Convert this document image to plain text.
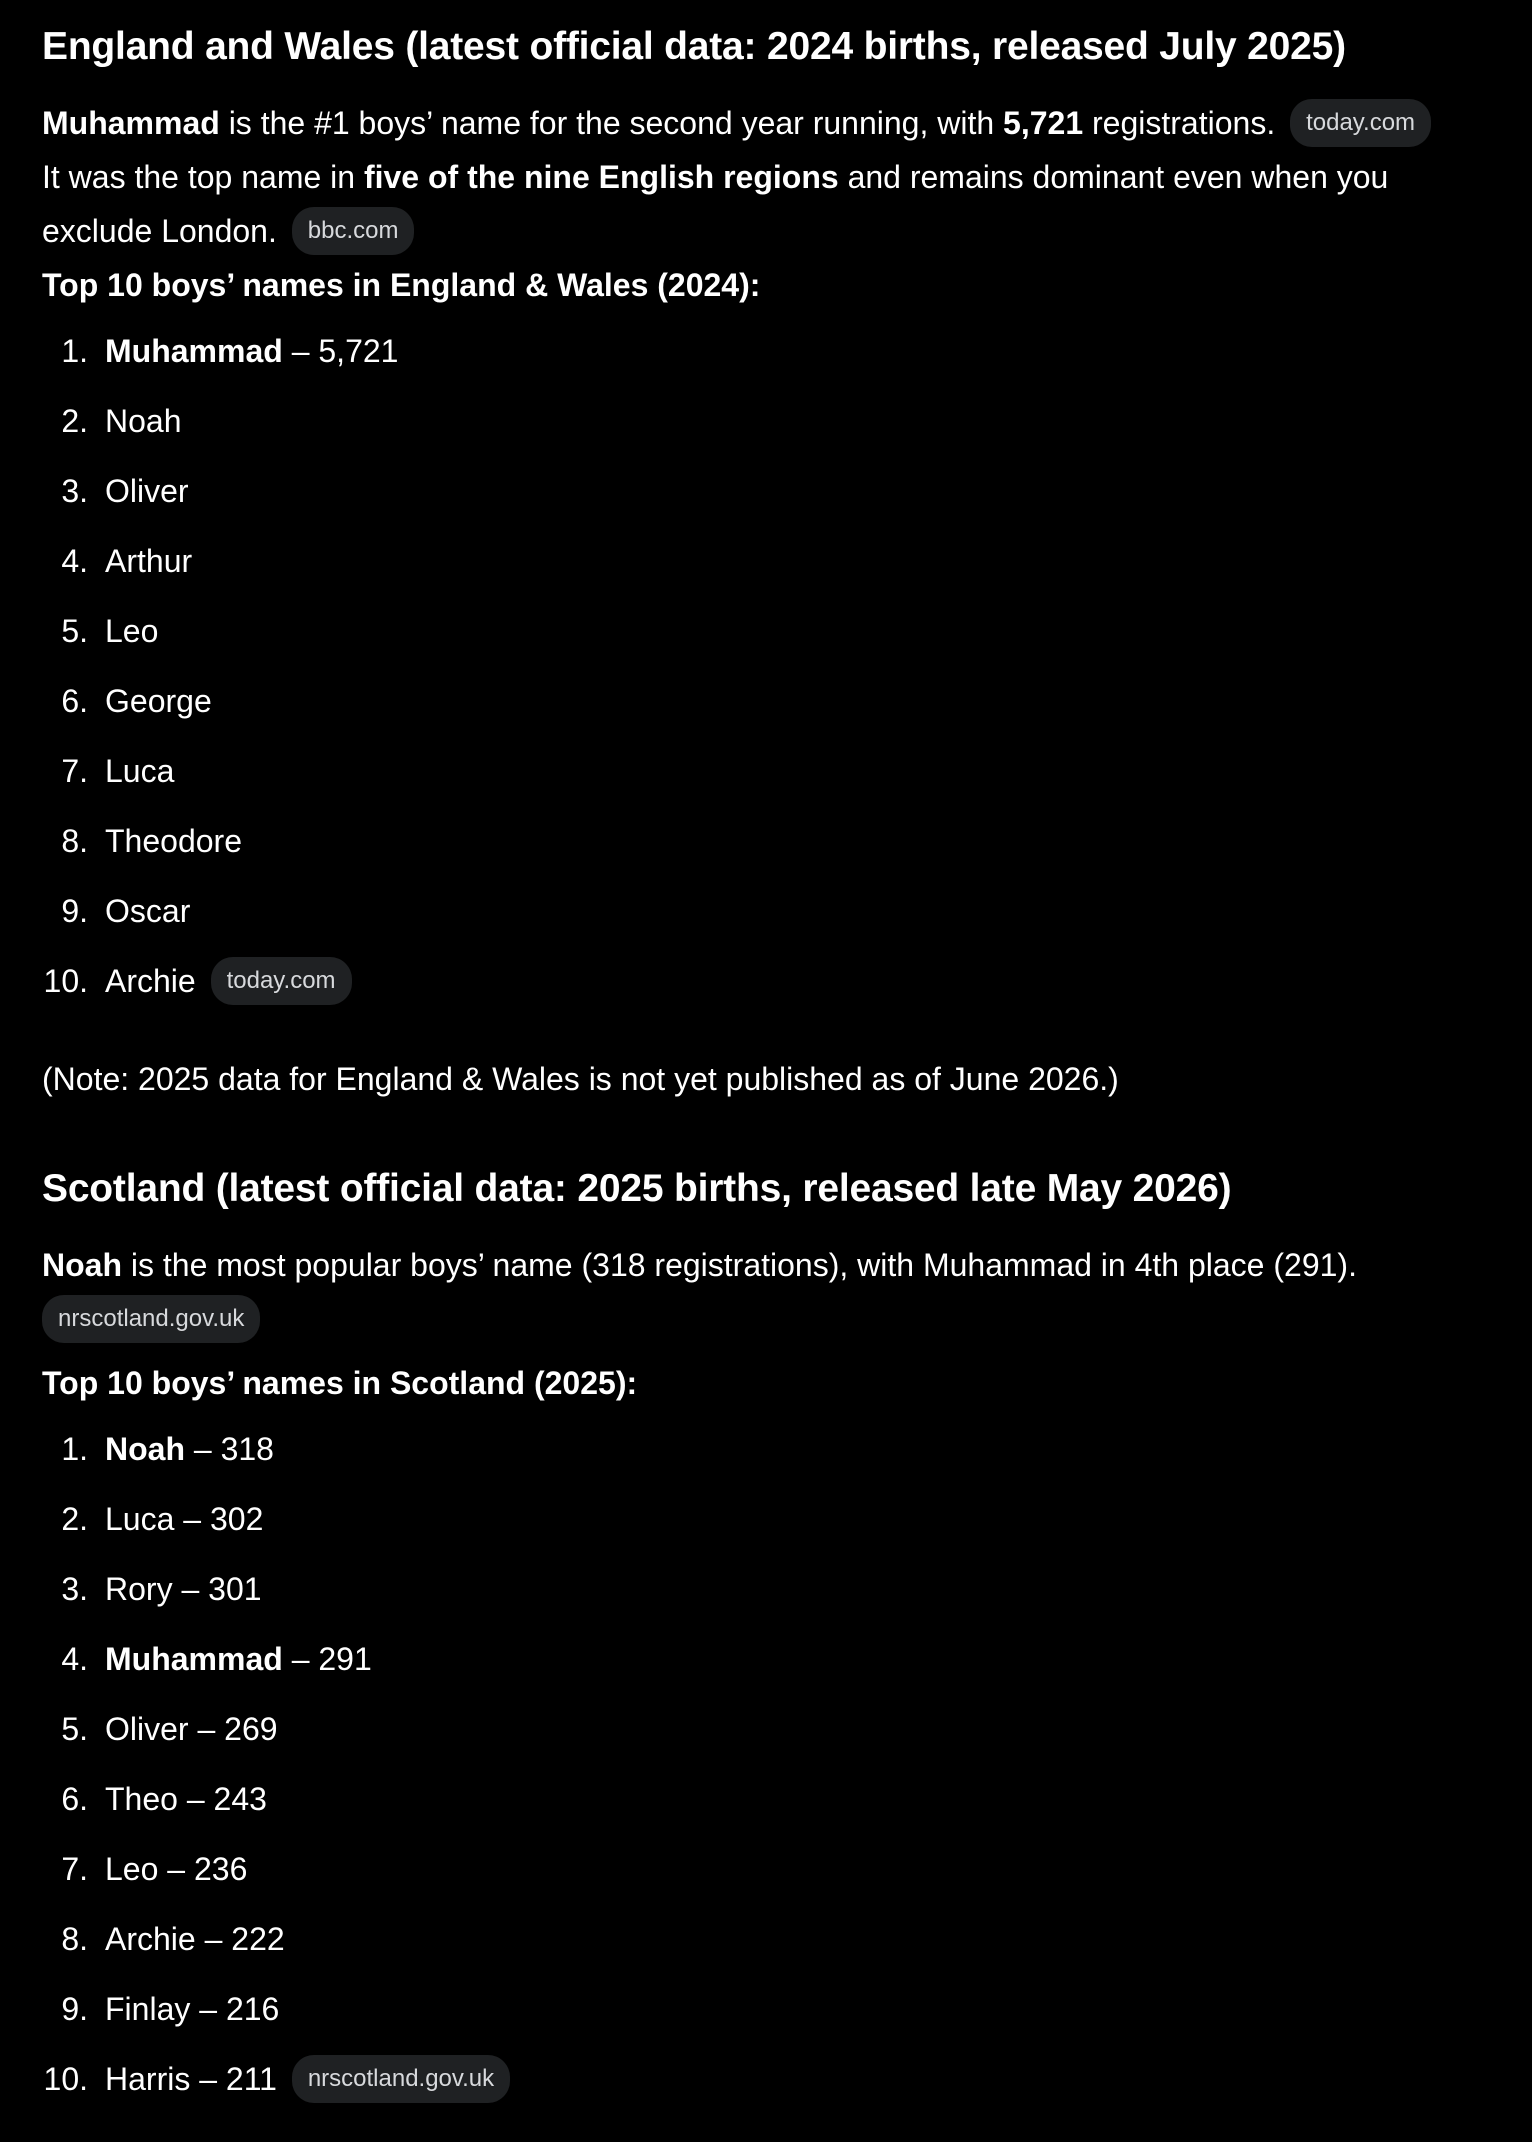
England and Wales (latest official data: 2024 births, released July 2025)

Muhammad is the #1 boys’ name for the second year running, with 5,721 registrations. today.com

It was the top name in five of the nine English regions and remains dominant even when you exclude London. bbc.com

Top 10 boys’ names in England & Wales (2024):

1. Muhammad – 5,721
2. Noah
3. Oliver
4. Arthur
5. Leo
6. George
7. Luca
8. Theodore
9. Oscar
10. Archie today.com

(Note: 2025 data for England & Wales is not yet published as of June 2026.)

Scotland (latest official data: 2025 births, released late May 2026)

Noah is the most popular boys’ name (318 registrations), with Muhammad in 4th place (291).
nrscotland.gov.uk

Top 10 boys’ names in Scotland (2025):

1. Noah – 318
2. Luca – 302
3. Rory – 301
4. Muhammad – 291
5. Oliver – 269
6. Theo – 243
7. Leo – 236
8. Archie – 222
9. Finlay – 216
10. Harris – 211 nrscotland.gov.uk
